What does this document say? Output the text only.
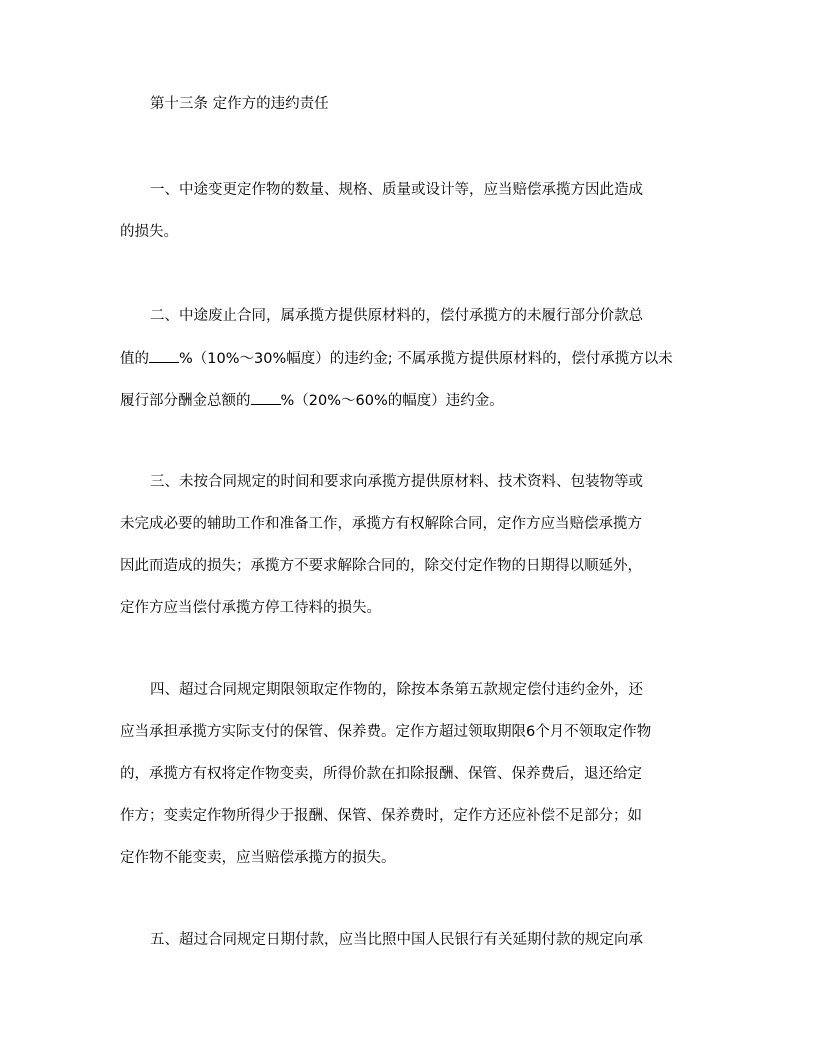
第十三条 定作方的违约责任
一、中途变更定作物的数量、规格、质量或设计等，应当赔偿承揽方因此造成
的损失。
二、中途废止合同，属承揽方提供原材料的，偿付承揽方的未履行部分价款总
值的 %（10%～30%幅度）的违约金; 不属承揽方提供原材料的，偿付承揽方以未
履行部分酬金总额的 %（20%～60%的幅度）违约金。
三、未按合同规定的时间和要求向承揽方提供原材料、技术资料、包装物等或
未完成必要的辅助工作和准备工作，承揽方有权解除合同，定作方应当赔偿承揽方
因此而造成的损失；承揽方不要求解除合同的，除交付定作物的日期得以顺延外，
定作方应当偿付承揽方停工待料的损失。
四、超过合同规定期限领取定作物的，除按本条第五款规定偿付违约金外，还
应当承担承揽方实际支付的保管、保养费。定作方超过领取期限6个月不领取定作物
的，承揽方有权将定作物变卖，所得价款在扣除报酬、保管、保养费后，退还给定
作方；变卖定作物所得少于报酬、保管、保养费时，定作方还应补偿不足部分；如
定作物不能变卖，应当赔偿承揽方的损失。
五、超过合同规定日期付款，应当比照中国人民银行有关延期付款的规定向承
